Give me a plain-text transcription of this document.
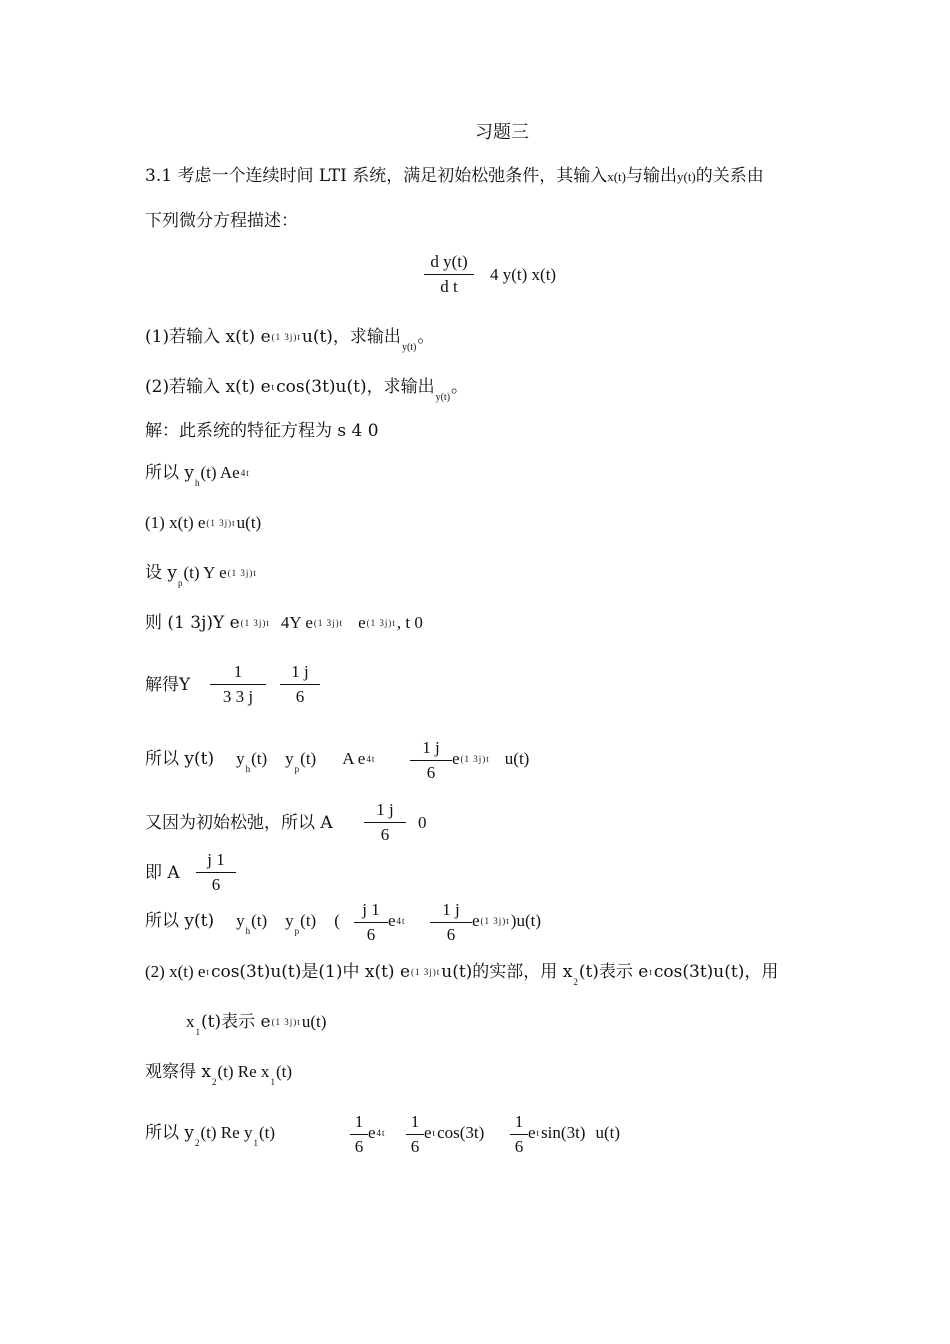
习题三
3.1 考虑一个连续时间 LTI 系统，满足初始松弛条件，其输入x(t)与输出y(t)的关系由
下列微分方程描述：
$\frac{\text{d y(t)}}{\text{d t}} 4$ y(t) x(t)
(1)若输入 x(t) e(1 3j)tu(t)，求输出$_{y(t)}$。
(2)若输入 x(t) etcos(3t)u(t)，求输出$_{y(t)}$。
解：此系统的特征方程为 s 4 0
所以 $y_h(t)$ Ae4t
(1) x(t) e(1 3j)tu(t)
设 $y_p(t)$ Y e(1 3j)t
则 (1 3j)Y e(1 3j)t 4Y e(1 3j)t e(1 3j)t, t 0
解得Y $\frac{1}{3 3 j} \frac{1 j}{6}$
所以 y(t) $y_h(t)$ $y_p(t)$ A $e4t \frac{1 j}{6} e(1$ 3j)t u(t)
又因为初始松弛，所以 A $\frac{1 j}{6} 0$
即 A $\frac{j 1}{6}$
所以 y(t) $y_h(t)$ $y_p(t)$ ( $\frac{j 1}{6} e4t \frac{1 j}{6} e(1$ 3j)t)u(t)
(2) x(t) etcos(3t)u(t)是(1)中 x(t) e(1 3j)tu(t)的实部，用 $x_2(t)$表示 etcos(3t)u(t)，用
$x_1(t)$表示 e(1 3j)tu(t)
观察得 $x_2(t)$ Re $x_1(t)$
所以 $y_2(t)$ Re $y_1(t)$	$\frac{1}{6} e4t \frac{1}{6} etcos(3t) \frac{1}{6} etsin(3t)$ u(t)
